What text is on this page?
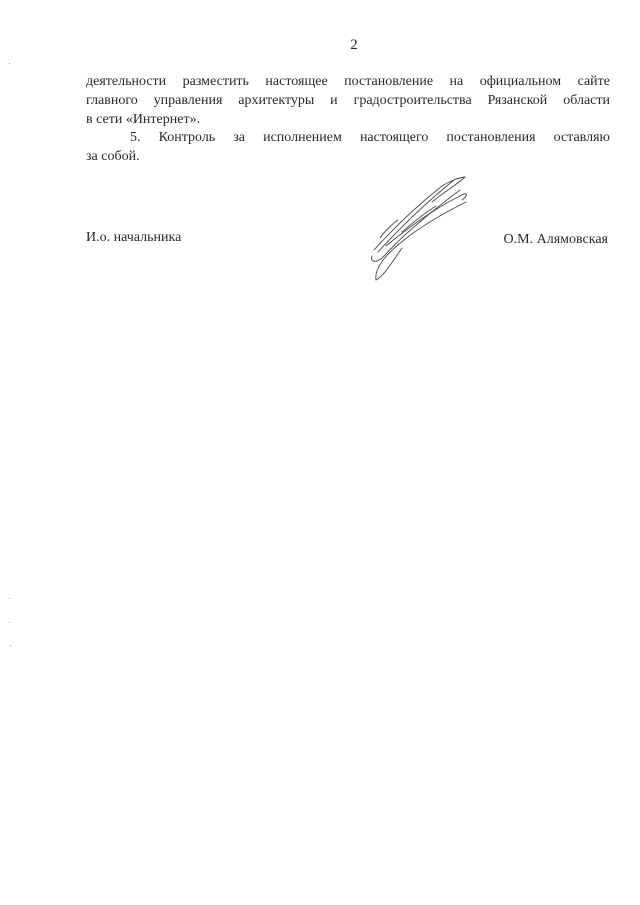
2
деятельности разместить настоящее постановление на официальном сайте
главного управления архитектуры и градостроительства Рязанской области
в сети «Интернет».
5. Контроль за исполнением настоящего постановления оставляю
за собой.
И.о. начальника	О.М. Алямовская
